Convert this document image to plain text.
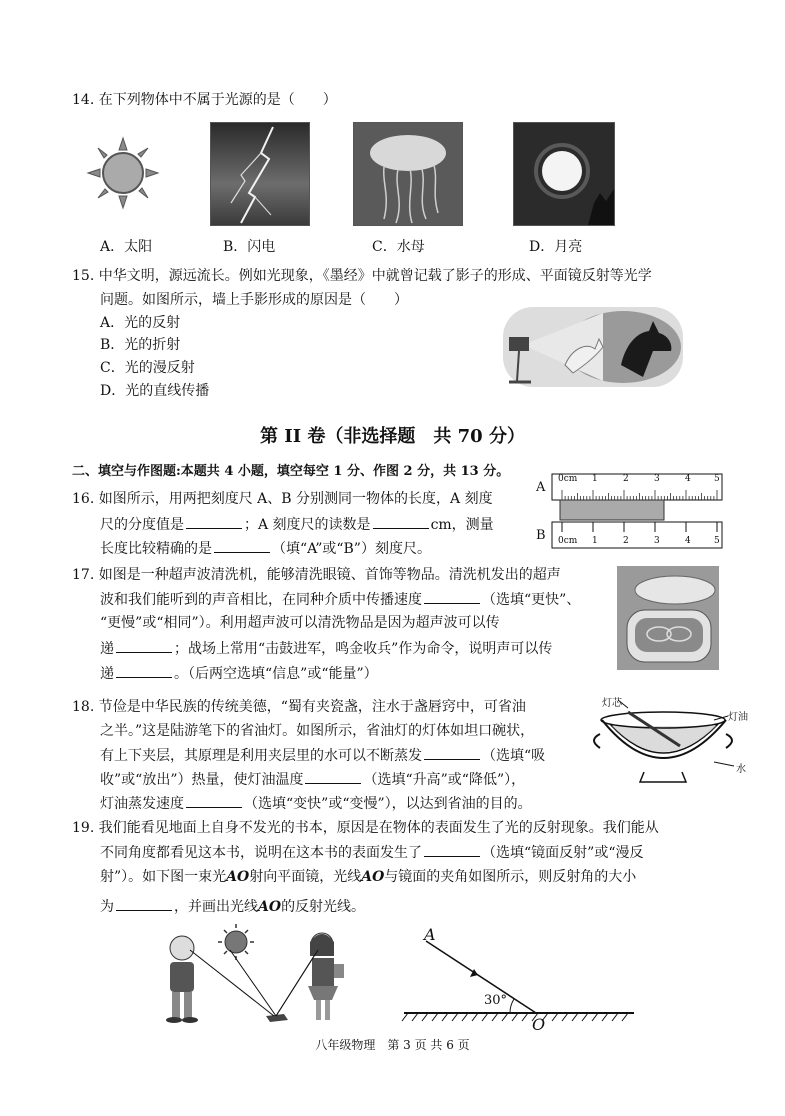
14. 在下列物体中不属于光源的是（　　）
A．太阳	B．闪电	C．水母	D．月亮
15. 中华文明，源远流长。例如光现象，《墨经》中就曾记载了影子的形成、平面镜反射等光学
问题。如图所示，墙上手影形成的原因是（　　）
A．光的反射
B．光的折射
C．光的漫反射
D．光的直线传播
第 II 卷（非选择题　共 70 分）
二、填空与作图题:本题共 4 小题，填空每空 1 分、作图 2 分，共 13 分。
16. 如图所示，用两把刻度尺 A、B 分别测同一物体的长度，A 刻度
尺的分度值是	；A 刻度尺的读数是	cm，测量
长度比较精确的是	（填“A”或“B”）刻度尺。
A
B
0cm 1	2	3	4	5
0cm 1	2	3	4	5
17. 如图是一种超声波清洗机，能够清洗眼镜、首饰等物品。清洗机发出的超声
波和我们能听到的声音相比，在同种介质中传播速度	（选填“更快”、
“更慢”或“相同”）。利用超声波可以清洗物品是因为超声波可以传
递	；战场上常用“击鼓进军，鸣金收兵”作为命令，说明声可以传
递	。（后两空选填“信息”或“能量”）
18. 节俭是中华民族的传统美德，“蜀有夹瓷盏，注水于盏唇窍中，可省油
之半。”这是陆游笔下的省油灯。如图所示，省油灯的灯体如坦口碗状，
有上下夹层，其原理是利用夹层里的水可以不断蒸发	（选填“吸
收”或“放出”）热量，使灯油温度	（选填“升高”或“降低”），
灯油蒸发速度	（选填“变快”或“变慢”），以达到省油的目的。
灯芯
灯油
水
19. 我们能看见地面上自身不发光的书本，原因是在物体的表面发生了光的反射现象。我们能从
不同角度都看见这本书，说明在这本书的表面发生了	（选填“镜面反射”或“漫反
射”）。如下图一束光AO射向平面镜，光线AO与镜面的夹角如图所示，则反射角的大小
为	，并画出光线AO的反射光线。
A
30°
O
八年级物理　第 3 页 共 6 页
